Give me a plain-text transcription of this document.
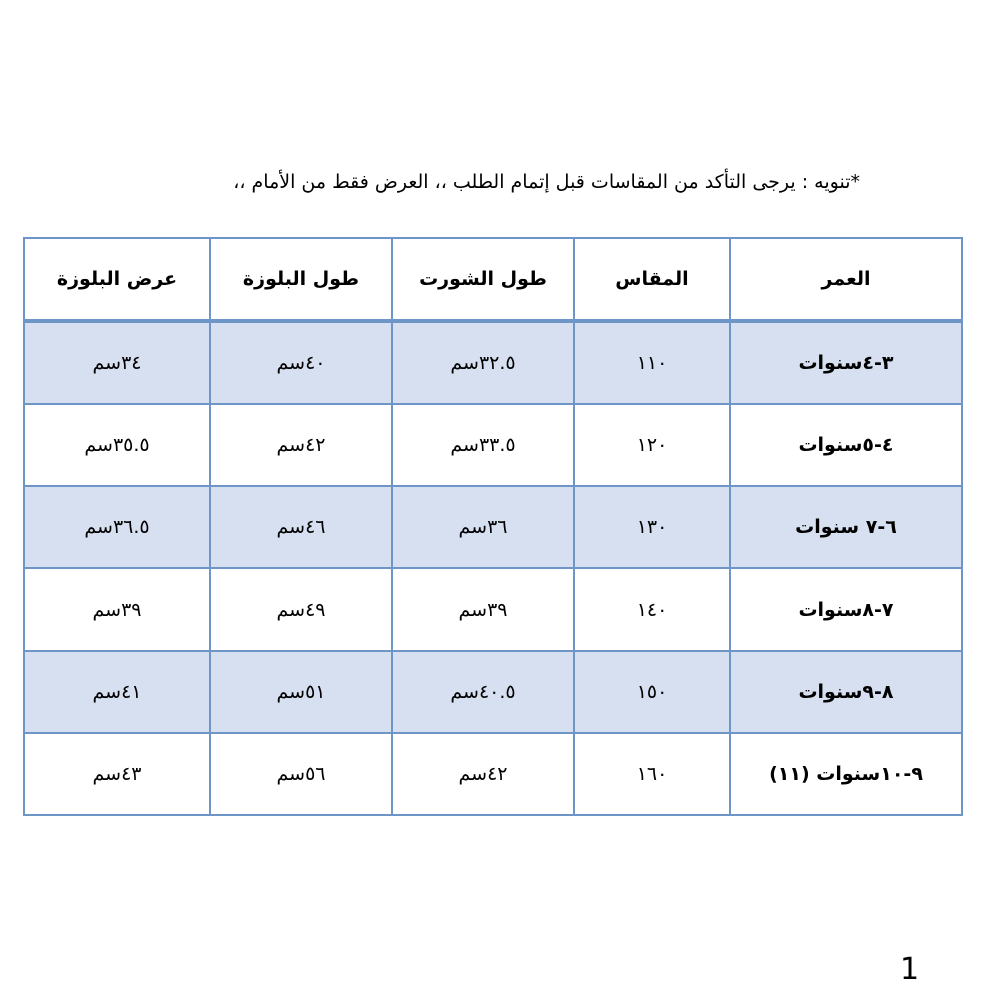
*تنويه : يرجى التأكد من المقاسات قبل إتمام الطلب ،، العرض فقط من الأمام ،،
العمر	المقاس	طول الشورت	طول البلوزة	عرض البلوزة
٣-٤سنوات	١١٠	٣٢.٥سم	٤٠سم	٣٤سم
٤-٥سنوات	١٢٠	٣٣.٥سم	٤٢سم	٣٥.٥سم
٦-٧ سنوات	١٣٠	٣٦سم	٤٦سم	٣٦.٥سم
٧-٨سنوات	١٤٠	٣٩سم	٤٩سم	٣٩سم
٨-٩سنوات	١٥٠	٤٠.٥سم	٥١سم	٤١سم
٩-١٠سنوات (١١)	١٦٠	٤٢سم	٥٦سم	٤٣سم
1
